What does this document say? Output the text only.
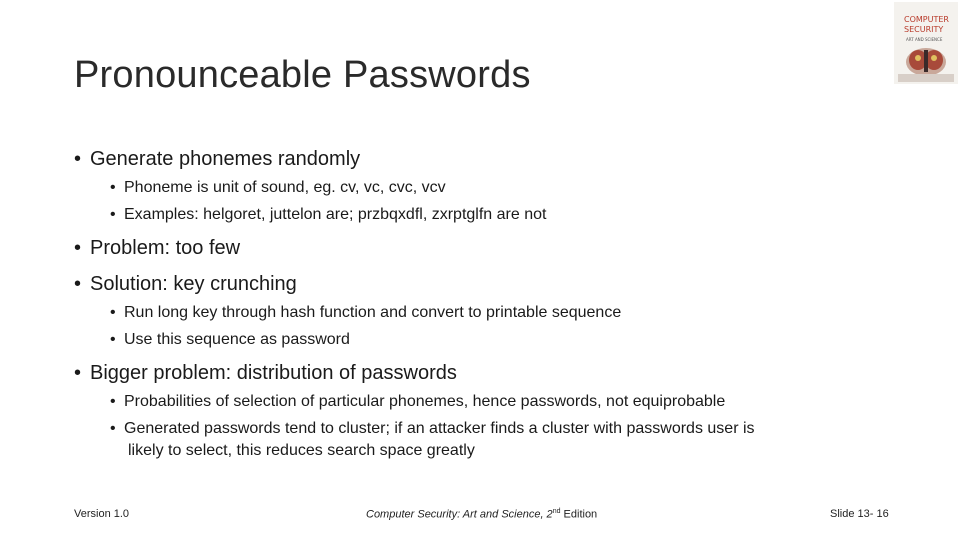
Pronounceable Passwords
COMPUTER
SECURITY
ART AND SCIENCE
• Generate phonemes randomly
• Phoneme is unit of sound, eg. cv, vc, cvc, vcv
• Examples: helgoret, juttelon are; przbqxdfl, zxrptglfn are not
• Problem: too few
• Solution: key crunching
• Run long key through hash function and convert to printable sequence
• Use this sequence as password
• Bigger problem: distribution of passwords
• Probabilities of selection of particular phonemes, hence passwords, not equiprobable
• Generated passwords tend to cluster; if an attacker finds a cluster with passwords user is
likely to select, this reduces search space greatly
Version 1.0	Computer Security: Art and Science, 2nd Edition	Slide 13- 16
